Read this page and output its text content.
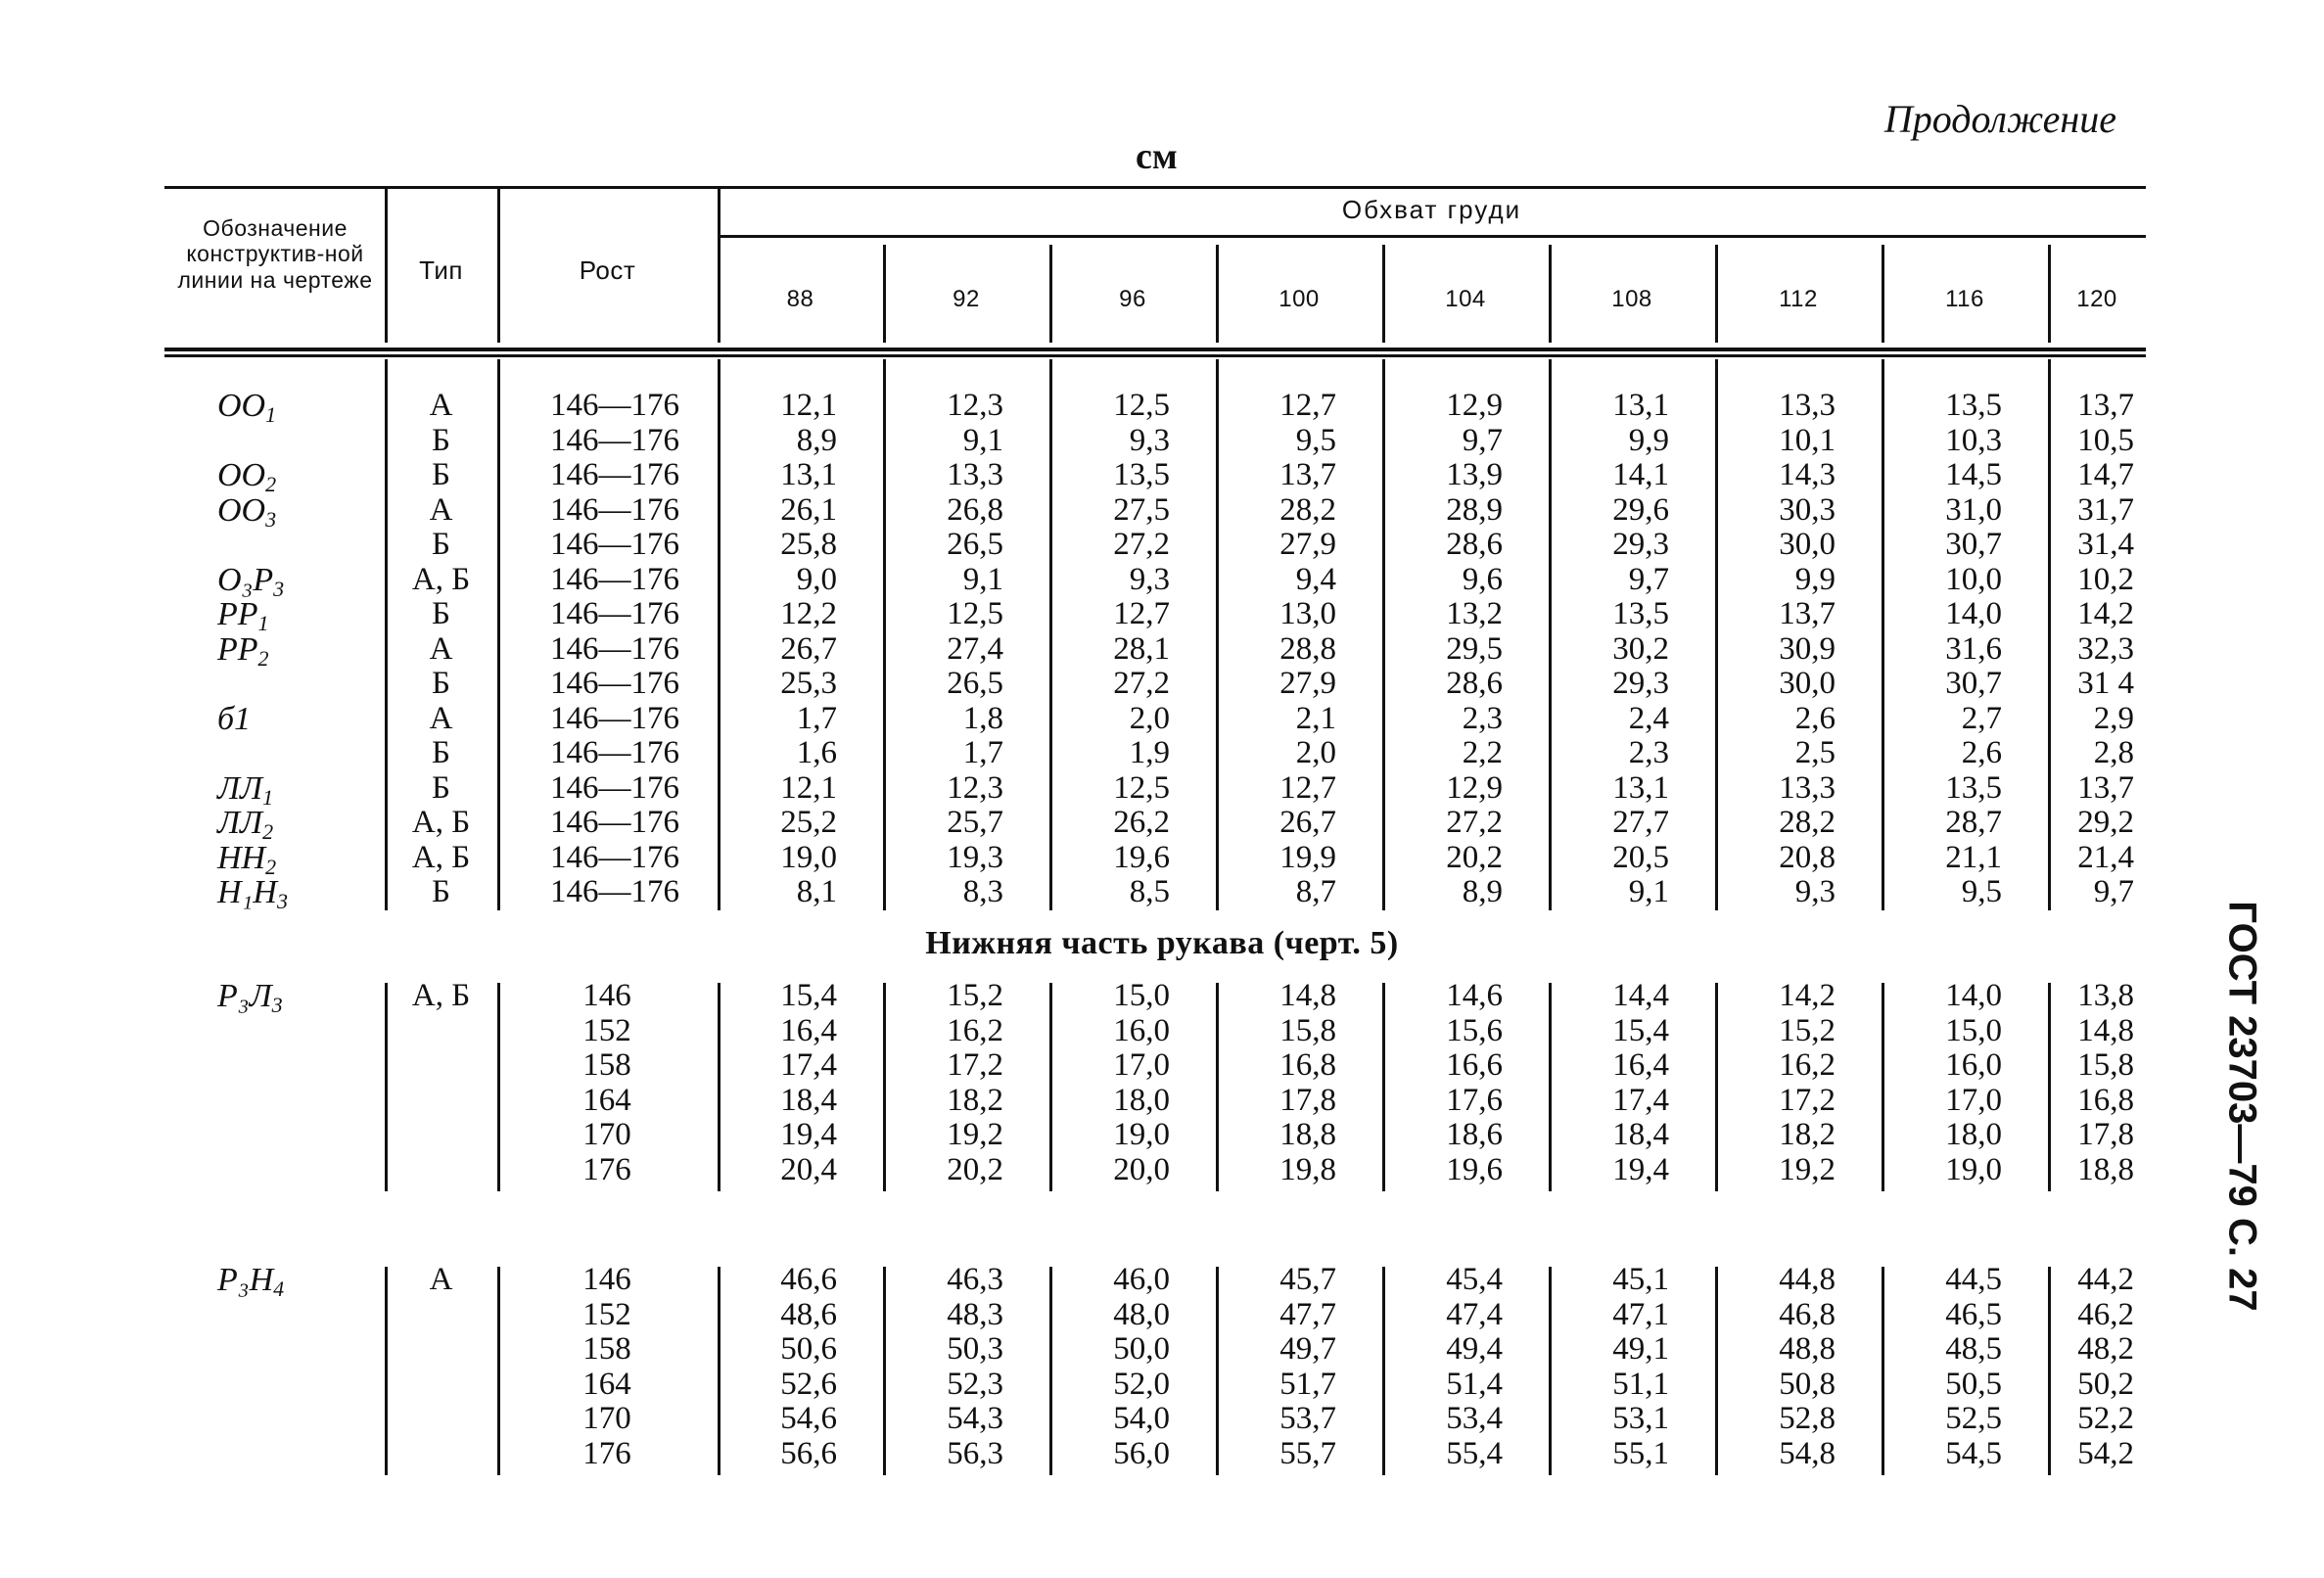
Продолжение
см
ГОСТ 23703—79 С. 27
Обозначение конструктив-ной линии на чертеже	Тип	Рост
Обхват груди
88	92	96	100	104	108	112	116	120
$OO_1$	А	146—176	12,1	12,3	12,5	12,7	12,9	13,1	13,3	13,5	13,7
Б	146—176	8,9	9,1	9,3	9,5	9,7	9,9	10,1	10,3	10,5
$OO_2$	Б	146—176	13,1	13,3	13,5	13,7	13,9	14,1	14,3	14,5	14,7
$OO_3$	А	146—176	26,1	26,8	27,5	28,2	28,9	29,6	30,3	31,0	31,7
Б	146—176	25,8	26,5	27,2	27,9	28,6	29,3	30,0	30,7	31,4
$O_3P_3$	А, Б	146—176	9,0	9,1	9,3	9,4	9,6	9,7	9,9	10,0	10,2
$PP_1$	Б	146—176	12,2	12,5	12,7	13,0	13,2	13,5	13,7	14,0	14,2
$PP_2$	А	146—176	26,7	27,4	28,1	28,8	29,5	30,2	30,9	31,6	32,3
Б	146—176	25,3	26,5	27,2	27,9	28,6	29,3	30,0	30,7	31 4
б1	А	146—176	1,7	1,8	2,0	2,1	2,3	2,4	2,6	2,7	2,9
Б	146—176	1,6	1,7	1,9	2,0	2,2	2,3	2,5	2,6	2,8
$ЛЛ_1$	Б	146—176	12,1	12,3	12,5	12,7	12,9	13,1	13,3	13,5	13,7
$ЛЛ_2$	А, Б	146—176	25,2	25,7	26,2	26,7	27,2	27,7	28,2	28,7	29,2
$HH_2$	А, Б	146—176	19,0	19,3	19,6	19,9	20,2	20,5	20,8	21,1	21,4
$H_1H_3$	Б	146—176	8,1	8,3	8,5	8,7	8,9	9,1	9,3	9,5	9,7
$P_3Л_3$	А, Б	146	15,4	15,2	15,0	14,8	14,6	14,4	14,2	14,0	13,8
152	16,4	16,2	16,0	15,8	15,6	15,4	15,2	15,0	14,8
158	17,4	17,2	17,0	16,8	16,6	16,4	16,2	16,0	15,8
164	18,4	18,2	18,0	17,8	17,6	17,4	17,2	17,0	16,8
170	19,4	19,2	19,0	18,8	18,6	18,4	18,2	18,0	17,8
176	20,4	20,2	20,0	19,8	19,6	19,4	19,2	19,0	18,8
$P_3H_4$	А	146	46,6	46,3	46,0	45,7	45,4	45,1	44,8	44,5	44,2
152	48,6	48,3	48,0	47,7	47,4	47,1	46,8	46,5	46,2
158	50,6	50,3	50,0	49,7	49,4	49,1	48,8	48,5	48,2
164	52,6	52,3	52,0	51,7	51,4	51,1	50,8	50,5	50,2
170	54,6	54,3	54,0	53,7	53,4	53,1	52,8	52,5	52,2
176	56,6	56,3	56,0	55,7	55,4	55,1	54,8	54,5	54,2
Нижняя часть рукава (черт. 5)
